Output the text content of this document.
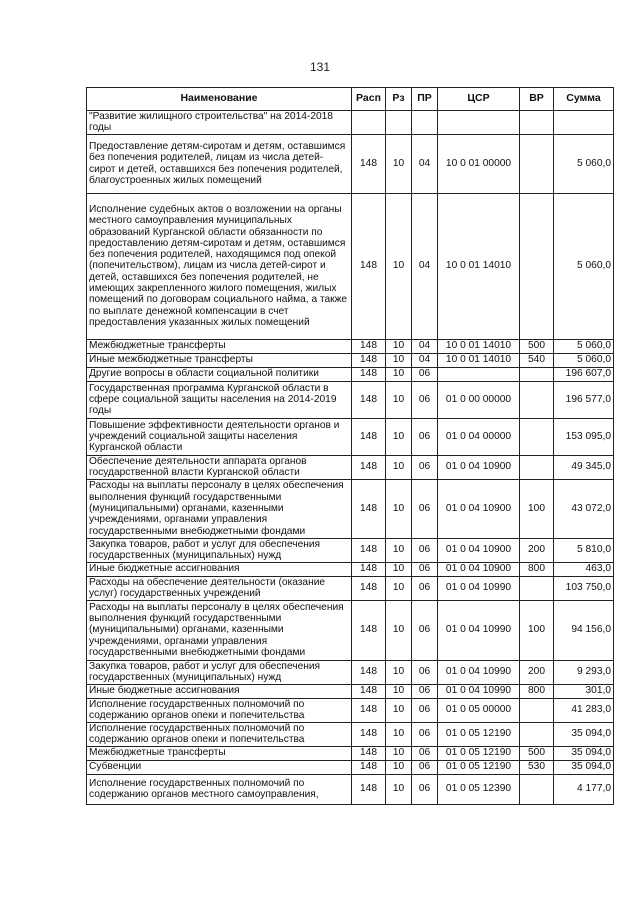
131
Наименование	Расп	Рз	ПР	ЦСР	ВР	Сумма
"Развитие жилищного строительства" на 2014-2018 годы						
Предоставление детям-сиротам и детям, оставшимся без попечения родителей, лицам из числа детей-сирот и детей, оставшихся без попечения родителей, благоустроенных жилых помещений	148	10	04	10 0 01 00000		5 060,0
Исполнение судебных актов о возложении на органы местного самоуправления муниципальных образований Курганской области обязанности по предоставлению детям-сиротам и детям, оставшимся без попечения родителей, находящимся под опекой (попечительством), лицам из числа детей-сирот и детей, оставшихся без попечения родителей, не имеющих закрепленного жилого помещения, жилых помещений по договорам социального найма, а также по выплате денежной компенсации в счет предоставления указанных жилых помещений	148	10	04	10 0 01 14010		5 060,0
Межбюджетные трансферты	148	10	04	10 0 01 14010	500	5 060,0
Иные межбюджетные трансферты	148	10	04	10 0 01 14010	540	5 060,0
Другие вопросы в области социальной политики	148	10	06			196 607,0
Государственная программа Курганской области в сфере социальной защиты населения на 2014-2019 годы	148	10	06	01 0 00 00000		196 577,0
Повышение эффективности деятельности органов и учреждений социальной защиты населения Курганской области	148	10	06	01 0 04 00000		153 095,0
Обеспечение деятельности аппарата органов государственной власти Курганской области	148	10	06	01 0 04 10900		49 345,0
Расходы на выплаты персоналу в целях обеспечения выполнения функций государственными (муниципальными) органами, казенными учреждениями, органами управления государственными внебюджетными фондами	148	10	06	01 0 04 10900	100	43 072,0
Закупка товаров, работ и услуг для обеспечения государственных (муниципальных) нужд	148	10	06	01 0 04 10900	200	5 810,0
Иные бюджетные ассигнования	148	10	06	01 0 04 10900	800	463,0
Расходы на обеспечение деятельности (оказание услуг) государственных учреждений	148	10	06	01 0 04 10990		103 750,0
Расходы на выплаты персоналу в целях обеспечения выполнения функций государственными (муниципальными) органами, казенными учреждениями, органами управления государственными внебюджетными фондами	148	10	06	01 0 04 10990	100	94 156,0
Закупка товаров, работ и услуг для обеспечения государственных (муниципальных) нужд	148	10	06	01 0 04 10990	200	9 293,0
Иные бюджетные ассигнования	148	10	06	01 0 04 10990	800	301,0
Исполнение государственных полномочий по содержанию органов опеки и попечительства	148	10	06	01 0 05 00000		41 283,0
Исполнение государственных полномочий по содержанию органов опеки и попечительства	148	10	06	01 0 05 12190		35 094,0
Межбюджетные трансферты	148	10	06	01 0 05 12190	500	35 094,0
Субвенции	148	10	06	01 0 05 12190	530	35 094,0
Исполнение государственных полномочий по содержанию органов местного самоуправления,	148	10	06	01 0 05 12390		4 177,0
